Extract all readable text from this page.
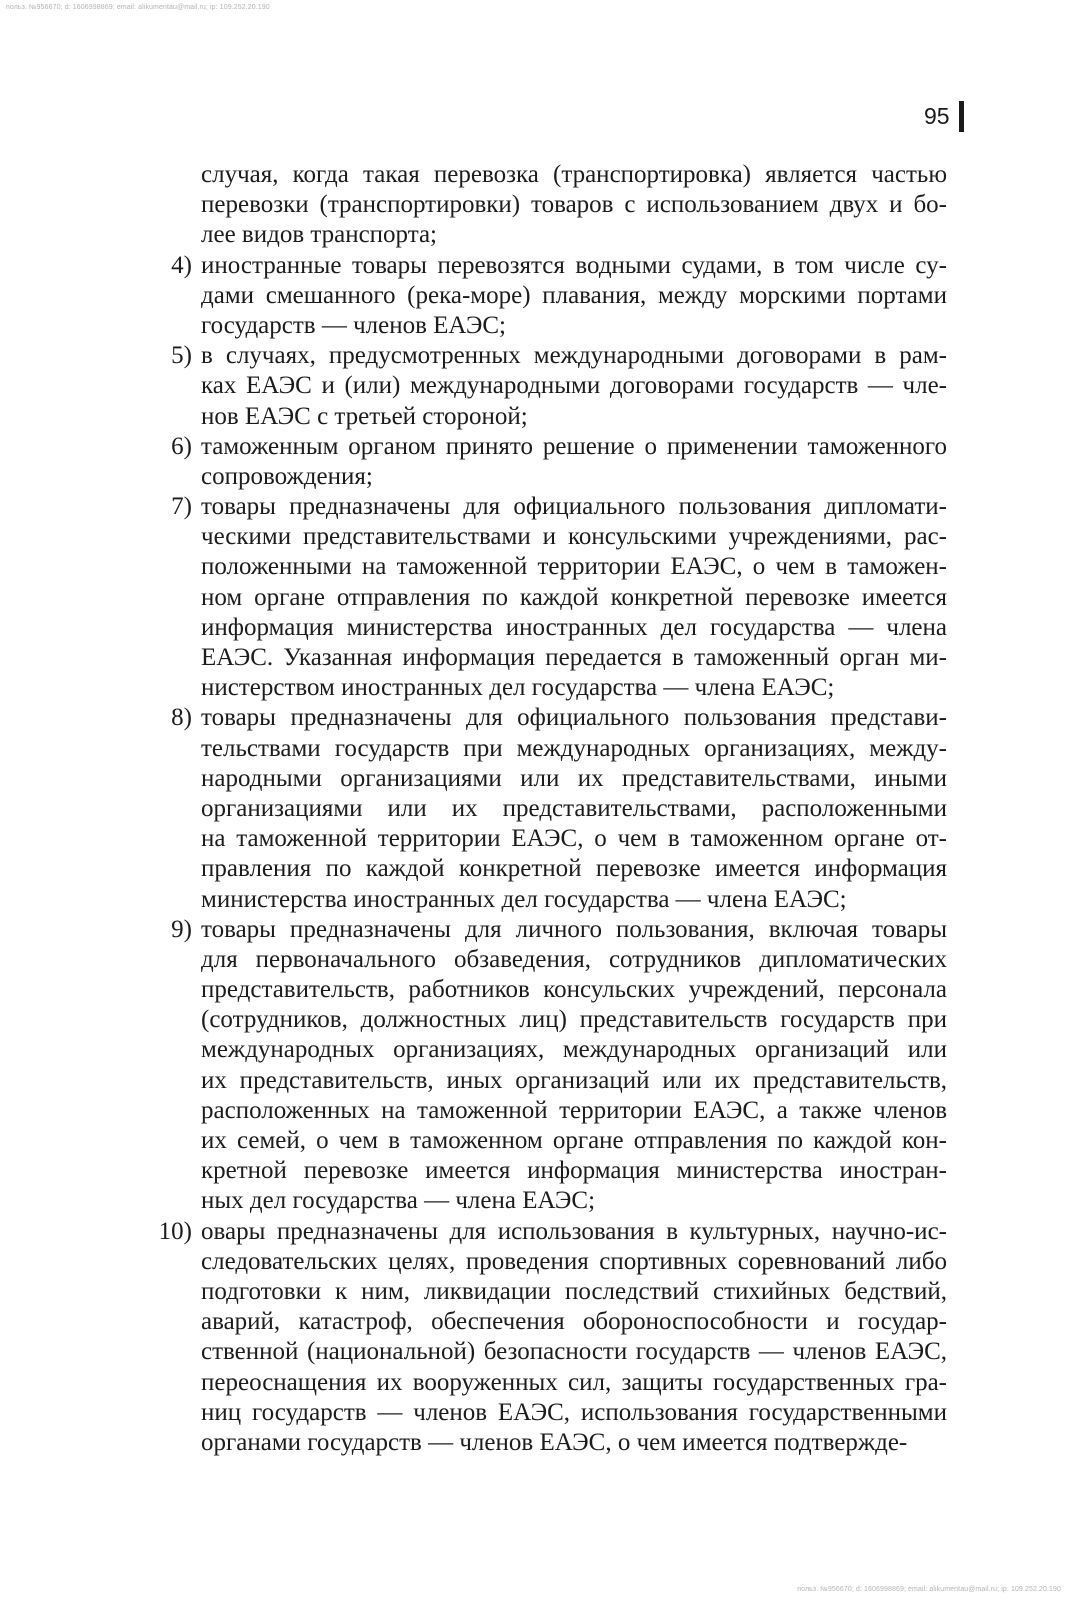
польз. №956670; d: 1606998869; email: alikumentau@mail.ru; ip: 109.252.20.190
95
случая, когда такая перевозка (транспортировка) является частью
перевозки (транспортировки) товаров с использованием двух и бо-
лее видов транспорта;
4) иностранные товары перевозятся водными судами, в том числе су-
дами смешанного (река-море) плавания, между морскими портами
государств — членов ЕАЭС;
5) в случаях, предусмотренных международными договорами в рам-
ках ЕАЭС и (или) международными договорами государств — чле-
нов ЕАЭС с третьей стороной;
6) таможенным органом принято решение о применении таможенного
сопровождения;
7) товары предназначены для официального пользования дипломати-
ческими представительствами и консульскими учреждениями, рас-
положенными на таможенной территории ЕАЭС, о чем в таможен-
ном органе отправления по каждой конкретной перевозке имеется
информация министерства иностранных дел государства — члена
ЕАЭС. Указанная информация передается в таможенный орган ми-
нистерством иностранных дел государства — члена ЕАЭС;
8) товары предназначены для официального пользования представи-
тельствами государств при международных организациях, между-
народными организациями или их представительствами, иными
организациями или их представительствами, расположенными
на таможенной территории ЕАЭС, о чем в таможенном органе от-
правления по каждой конкретной перевозке имеется информация
министерства иностранных дел государства — члена ЕАЭС;
9) товары предназначены для личного пользования, включая товары
для первоначального обзаведения, сотрудников дипломатических
представительств, работников консульских учреждений, персонала
(сотрудников, должностных лиц) представительств государств при
международных организациях, международных организаций или
их представительств, иных организаций или их представительств,
расположенных на таможенной территории ЕАЭС, а также членов
их семей, о чем в таможенном органе отправления по каждой кон-
кретной перевозке имеется информация министерства иностран-
ных дел государства — члена ЕАЭС;
10) овары предназначены для использования в культурных, научно-ис-
следовательских целях, проведения спортивных соревнований либо
подготовки к ним, ликвидации последствий стихийных бедствий,
аварий, катастроф, обеспечения обороноспособности и государ-
ственной (национальной) безопасности государств — членов ЕАЭС,
переоснащения их вооруженных сил, защиты государственных гра-
ниц государств — членов ЕАЭС, использования государственными
органами государств — членов ЕАЭС, о чем имеется подтвержде-
польз. №956670; d: 1606998869; email: alikumentau@mail.ru; ip: 109.252.20.190
